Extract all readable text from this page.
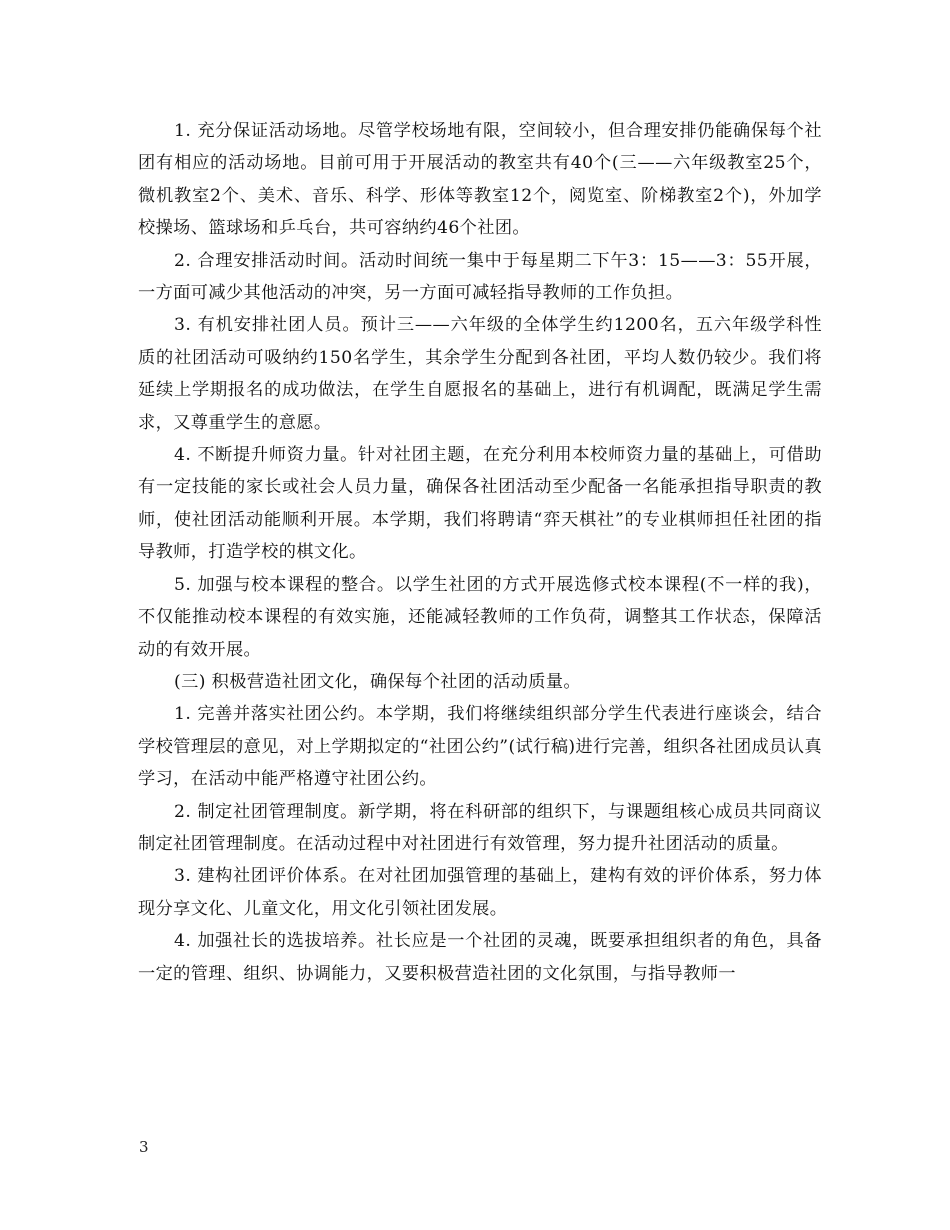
1. 充分保证活动场地。尽管学校场地有限，空间较小，但合理安排仍能确保每个社团有相应的活动场地。目前可用于开展活动的教室共有40个(三——六年级教室25个，微机教室2个、美术、音乐、科学、形体等教室12个，阅览室、阶梯教室2个)，外加学校操场、篮球场和乒乓台，共可容纳约46个社团。

2. 合理安排活动时间。活动时间统一集中于每星期二下午3：15——3：55开展，一方面可减少其他活动的冲突，另一方面可减轻指导教师的工作负担。

3. 有机安排社团人员。预计三——六年级的全体学生约1200名，五六年级学科性质的社团活动可吸纳约150名学生，其余学生分配到各社团，平均人数仍较少。我们将延续上学期报名的成功做法，在学生自愿报名的基础上，进行有机调配，既满足学生需求，又尊重学生的意愿。

4. 不断提升师资力量。针对社团主题，在充分利用本校师资力量的基础上，可借助有一定技能的家长或社会人员力量，确保各社团活动至少配备一名能承担指导职责的教师，使社团活动能顺利开展。本学期，我们将聘请“弈天棋社”的专业棋师担任社团的指导教师，打造学校的棋文化。

5. 加强与校本课程的整合。以学生社团的方式开展选修式校本课程(不一样的我)，不仅能推动校本课程的有效实施，还能减轻教师的工作负荷，调整其工作状态，保障活动的有效开展。

(三) 积极营造社团文化，确保每个社团的活动质量。

1. 完善并落实社团公约。本学期，我们将继续组织部分学生代表进行座谈会，结合学校管理层的意见，对上学期拟定的“社团公约”(试行稿)进行完善，组织各社团成员认真学习，在活动中能严格遵守社团公约。

2. 制定社团管理制度。新学期，将在科研部的组织下，与课题组核心成员共同商议制定社团管理制度。在活动过程中对社团进行有效管理，努力提升社团活动的质量。

3. 建构社团评价体系。在对社团加强管理的基础上，建构有效的评价体系，努力体现分享文化、儿童文化，用文化引领社团发展。

4. 加强社长的选拔培养。社长应是一个社团的灵魂，既要承担组织者的角色，具备一定的管理、组织、协调能力，又要积极营造社团的文化氛围，与指导教师一

3
